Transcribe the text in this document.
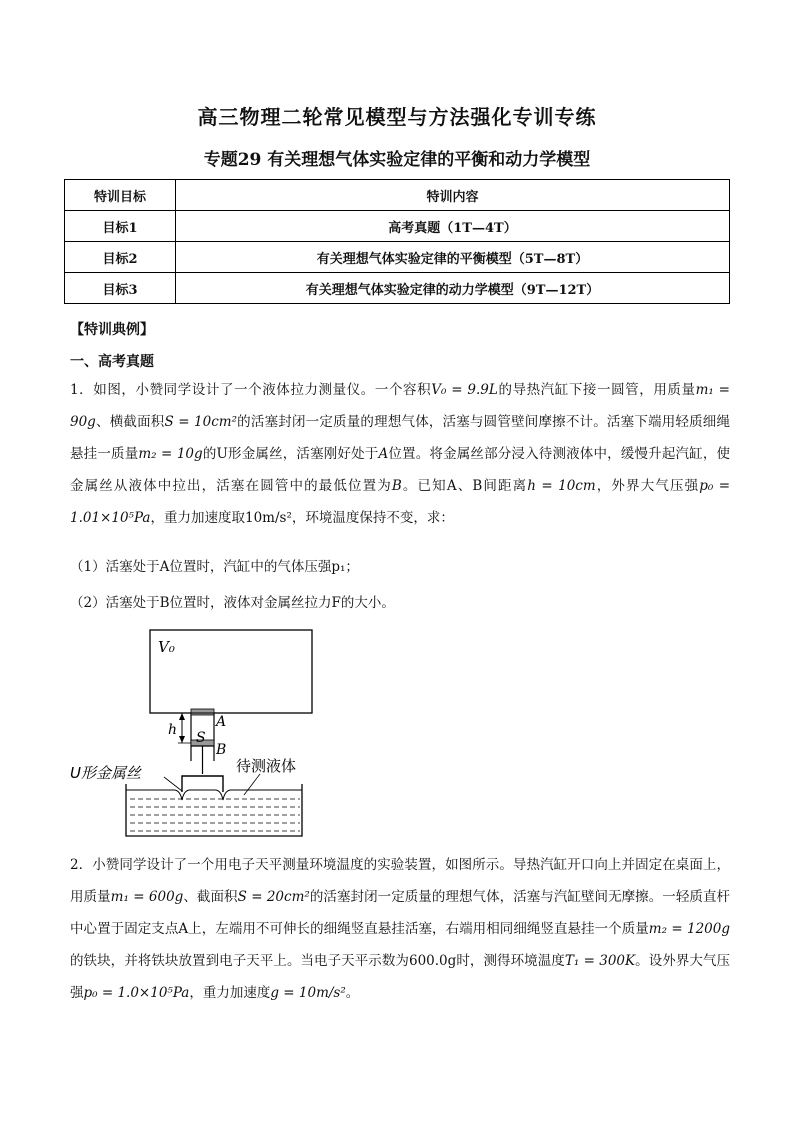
高三物理二轮常见模型与方法强化专训专练
专题29 有关理想气体实验定律的平衡和动力学模型
特训目标	特训内容
目标1	高考真题（1T—4T）
目标2	有关理想气体实验定律的平衡模型（5T—8T）
目标3	有关理想气体实验定律的动力学模型（9T—12T）
【特训典例】
一、高考真题
1．如图，小赞同学设计了一个液体拉力测量仪。一个容积V₀ = 9.9L的导热汽缸下接一圆管，用质量m₁ = 90g、横截面积S = 10cm²的活塞封闭一定质量的理想气体，活塞与圆管壁间摩擦不计。活塞下端用轻质细绳悬挂一质量m₂ = 10g的U形金属丝，活塞刚好处于A位置。将金属丝部分浸入待测液体中，缓慢升起汽缸，使金属丝从液体中拉出，活塞在圆管中的最低位置为B。已知A、B间距离h = 10cm，外界大气压强p₀ = 1.01×10⁵Pa，重力加速度取10m/s²，环境温度保持不变，求：
（1）活塞处于A位置时，汽缸中的气体压强p₁；
（2）活塞处于B位置时，液体对金属丝拉力F的大小。
V₀
A
S
B
h
U形金属丝	待测液体
2．小赞同学设计了一个用电子天平测量环境温度的实验装置，如图所示。导热汽缸开口向上并固定在桌面上，用质量m₁ = 600g、截面积S = 20cm²的活塞封闭一定质量的理想气体，活塞与汽缸壁间无摩擦。一轻质直杆中心置于固定支点A上，左端用不可伸长的细绳竖直悬挂活塞，右端用相同细绳竖直悬挂一个质量m₂ = 1200g的铁块，并将铁块放置到电子天平上。当电子天平示数为600.0g时，测得环境温度T₁ = 300K。设外界大气压强p₀ = 1.0×10⁵Pa，重力加速度g = 10m/s²。
